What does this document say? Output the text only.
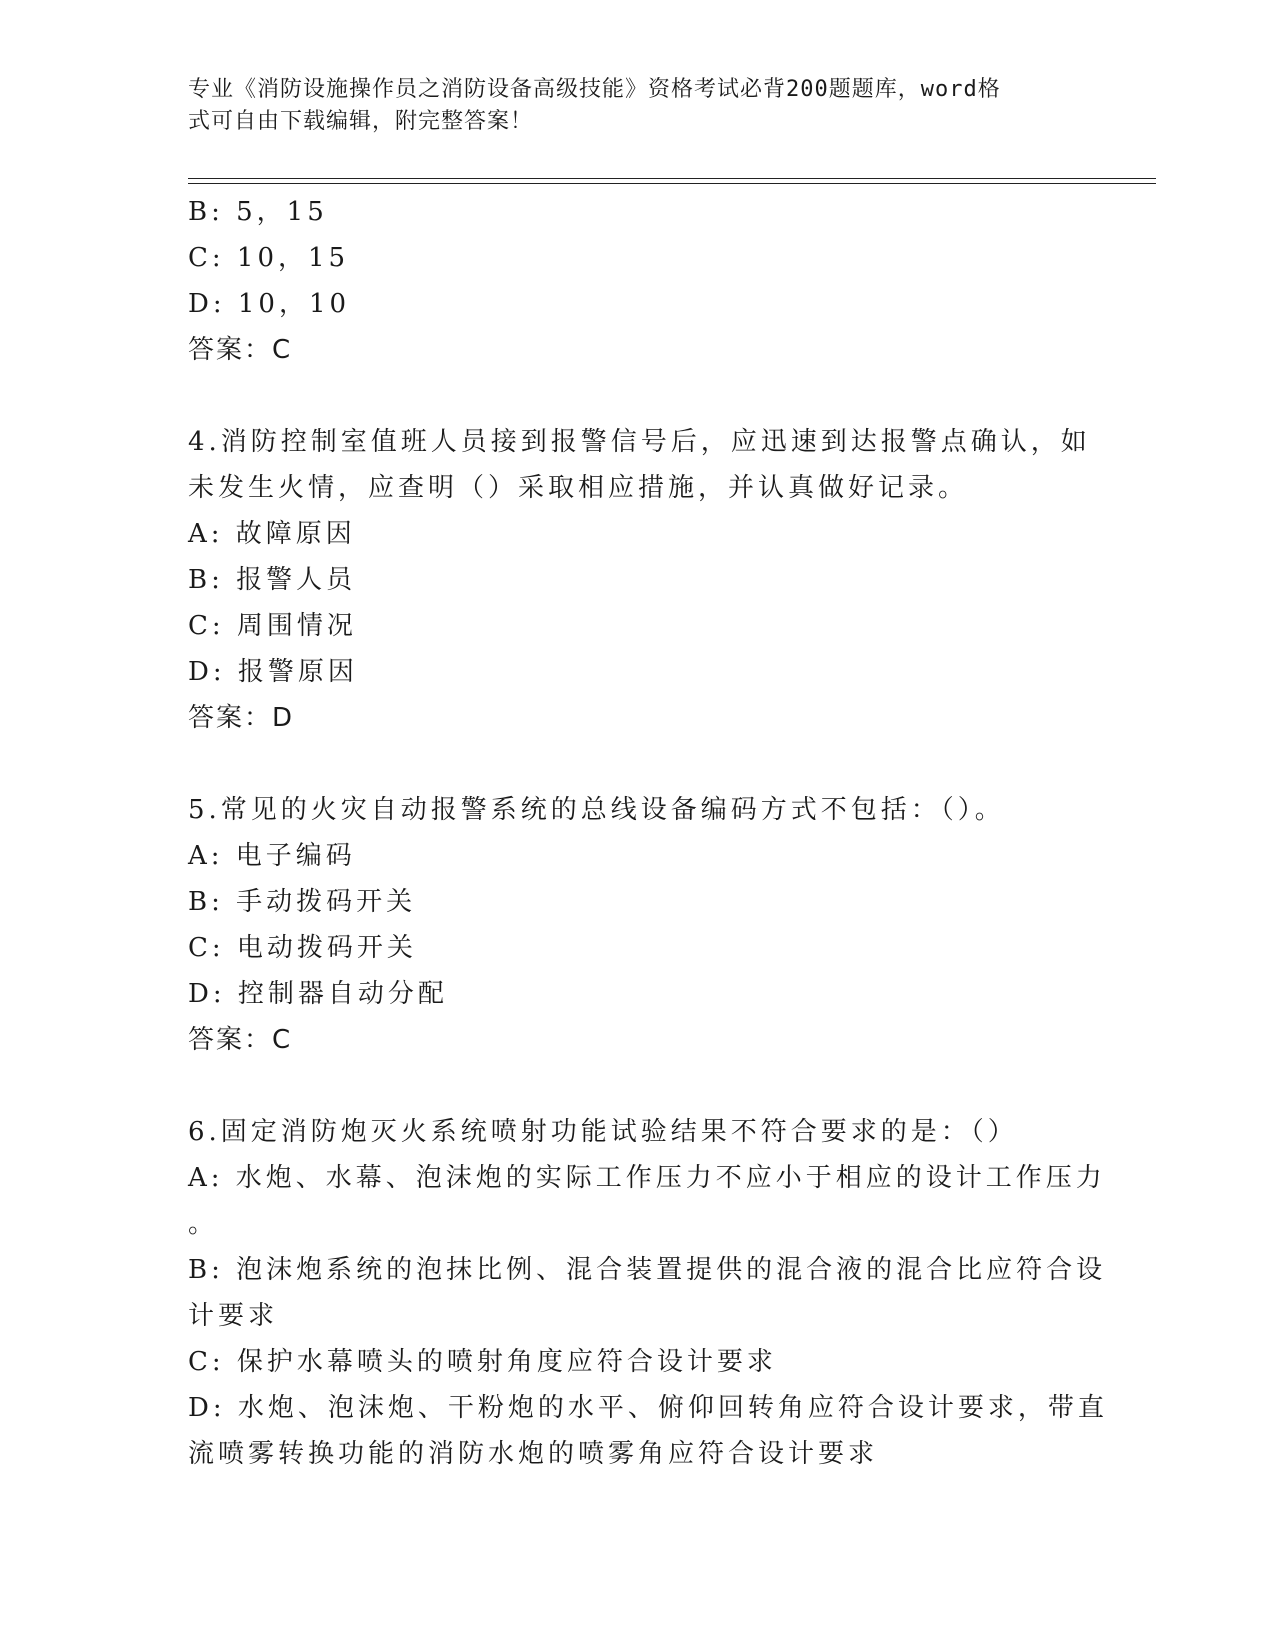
专业《消防设施操作员之消防设备高级技能》资格考试必背200题题库，word格
式可自由下载编辑，附完整答案！
B: 5，15
C: 10，15
D: 10，10
答案：C
4.消防控制室值班人员接到报警信号后，应迅速到达报警点确认，如
未发生火情，应查明（）采取相应措施，并认真做好记录。
A: 故障原因
B: 报警人员
C: 周围情况
D: 报警原因
答案：D
5.常见的火灾自动报警系统的总线设备编码方式不包括：（）。
A: 电子编码
B: 手动拨码开关
C: 电动拨码开关
D: 控制器自动分配
答案：C
6.固定消防炮灭火系统喷射功能试验结果不符合要求的是：（）
A: 水炮、水幕、泡沫炮的实际工作压力不应小于相应的设计工作压力
。
B: 泡沫炮系统的泡抹比例、混合装置提供的混合液的混合比应符合设
计要求
C: 保护水幕喷头的喷射角度应符合设计要求
D: 水炮、泡沫炮、干粉炮的水平、俯仰回转角应符合设计要求，带直
流喷雾转换功能的消防水炮的喷雾角应符合设计要求
